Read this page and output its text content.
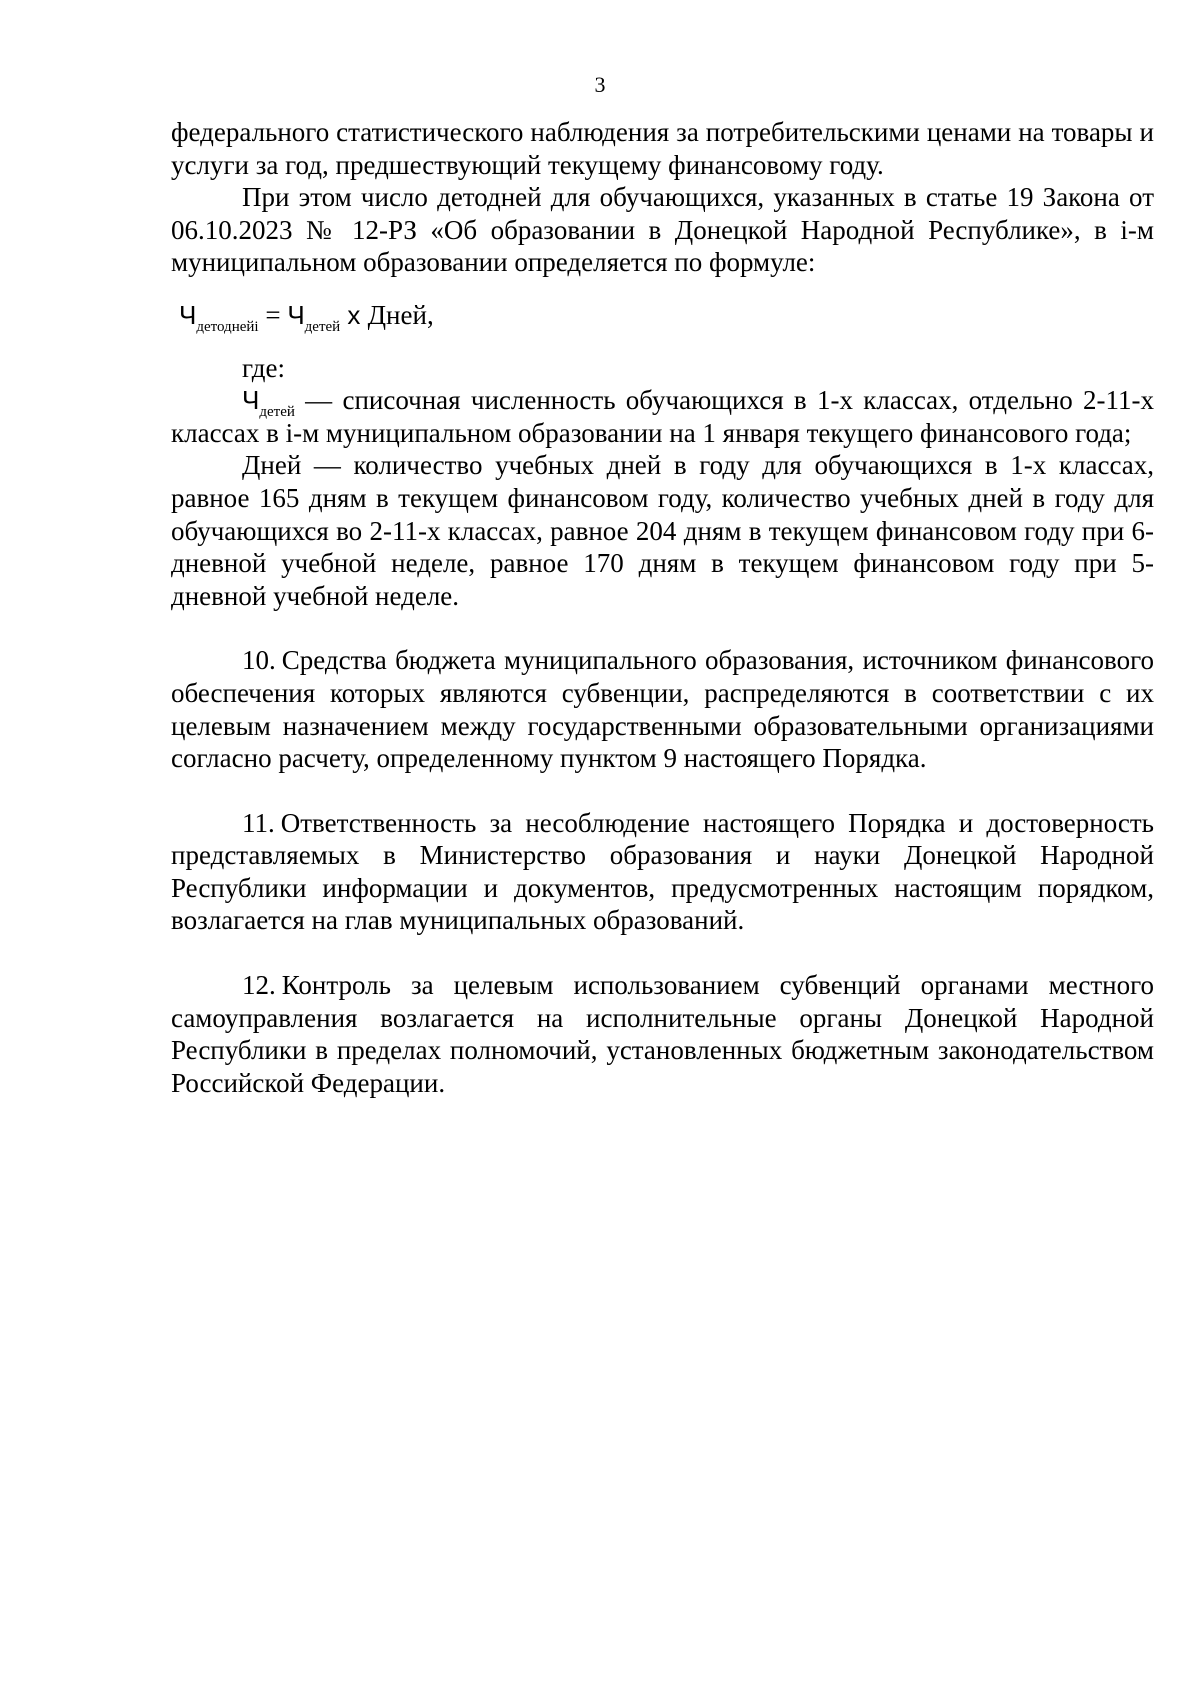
3

федерального статистического наблюдения за потребительскими ценами на товары и услуги за год, предшествующий текущему финансовому году.

При этом число детодней для обучающихся, указанных в статье 19 Закона от 06.10.2023 № 12-РЗ «Об образовании в Донецкой Народной Республике», в i-м муниципальном образовании определяется по формуле:

$Ч_{детоднейi} = Ч_{детей}$ x Дней,

где:

$Ч_{детей}$ — списочная численность обучающихся в 1-х классах, отдельно 2-11-х классах в i-м муниципальном образовании на 1 января текущего финансового года;

Дней — количество учебных дней в году для обучающихся в 1-х классах, равное 165 дням в текущем финансовом году, количество учебных дней в году для обучающихся во 2-11-х классах, равное 204 дням в текущем финансовом году при 6-дневной учебной неделе, равное 170 дням в текущем финансовом году при 5-дневной учебной неделе.

10. Средства бюджета муниципального образования, источником финансового обеспечения которых являются субвенции, распределяются в соответствии с их целевым назначением между государственными образовательными организациями согласно расчету, определенному пунктом 9 настоящего Порядка.

11. Ответственность за несоблюдение настоящего Порядка и достоверность представляемых в Министерство образования и науки Донецкой Народной Республики информации и документов, предусмотренных настоящим порядком, возлагается на глав муниципальных образований.

12. Контроль за целевым использованием субвенций органами местного самоуправления возлагается на исполнительные органы Донецкой Народной Республики в пределах полномочий, установленных бюджетным законодательством Российской Федерации.
